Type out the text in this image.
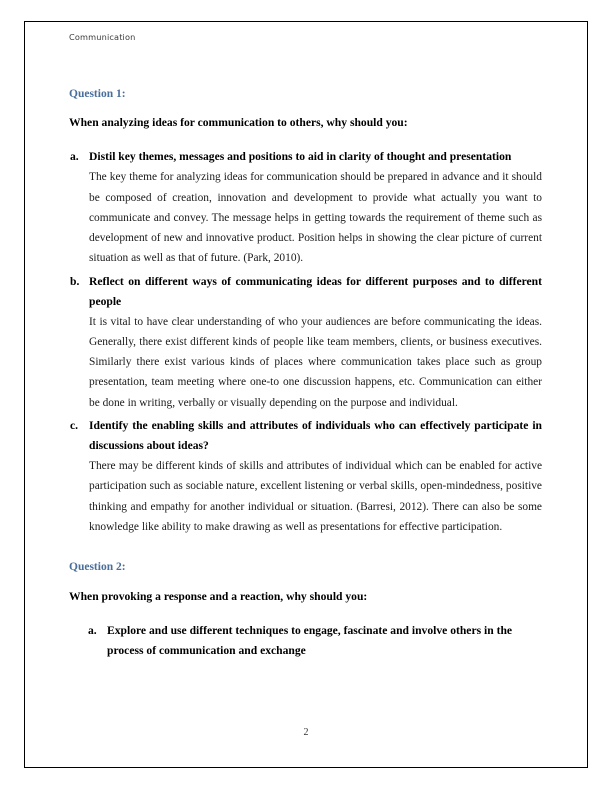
Communication
Question 1:
When analyzing ideas for communication to others, why should you:
a. Distil key themes, messages and positions to aid in clarity of thought and presentation

The key theme for analyzing ideas for communication should be prepared in advance and it should be composed of creation, innovation and development to provide what actually you want to communicate and convey. The message helps in getting towards the requirement of theme such as development of new and innovative product. Position helps in showing the clear picture of current situation as well as that of future. (Park, 2010).

b. Reflect on different ways of communicating ideas for different purposes and to different people

It is vital to have clear understanding of who your audiences are before communicating the ideas. Generally, there exist different kinds of people like team members, clients, or business executives. Similarly there exist various kinds of places where communication takes place such as group presentation, team meeting where one-to one discussion happens, etc. Communication can either be done in writing, verbally or visually depending on the purpose and individual.

c. Identify the enabling skills and attributes of individuals who can effectively participate in discussions about ideas?

There may be different kinds of skills and attributes of individual which can be enabled for active participation such as sociable nature, excellent listening or verbal skills, open-mindedness, positive thinking and empathy for another individual or situation. (Barresi, 2012). There can also be some knowledge like ability to make drawing as well as presentations for effective participation.

Question 2:
When provoking a response and a reaction, why should you:
a. Explore and use different techniques to engage, fascinate and involve others in the process of communication and exchange

2
